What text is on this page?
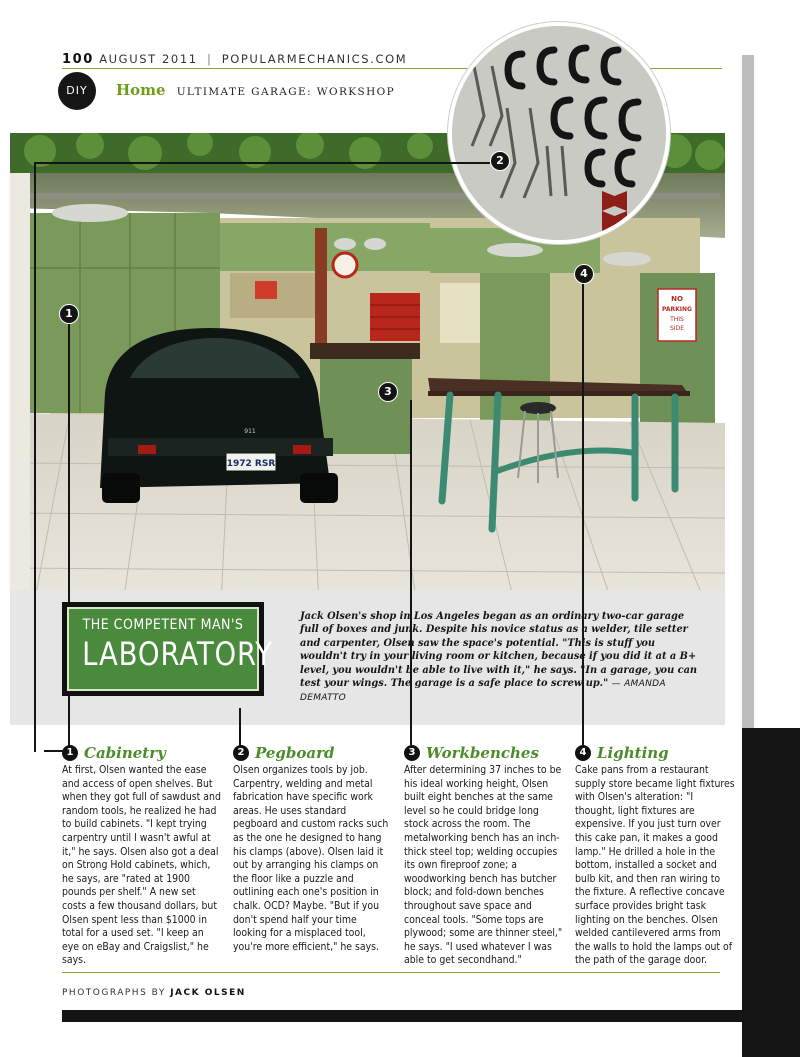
100 AUGUST 2011 | POPULARMECHANICS.COM
DIY	Home ULTIMATE GARAGE: WORKSHOP
NO
PARKING
THIS
SIDE
1972 RSR
911
1
2
3
4
THE COMPETENT MAN'S
LABORATORY
Jack Olsen's shop in Los Angeles began as an ordinary two-car garage full of boxes and junk. Despite his novice status as a welder, tile setter and carpenter, Olsen saw the space's potential. "This is stuff you wouldn't try in your living room or kitchen, because if you did it at a B+ level, you wouldn't be able to live with it," he says. "In a garage, you can test your wings. The garage is a safe place to screw up." — AMANDA DEMATTO
1 Cabinetry
At first, Olsen wanted the ease and access of open shelves. But when they got full of sawdust and random tools, he realized he had to build cabinets. "I kept trying carpentry until I wasn't awful at it," he says. Olsen also got a deal on Strong Hold cabinets, which, he says, are "rated at 1900 pounds per shelf." A new set costs a few thousand dollars, but Olsen spent less than $1000 in total for a used set. "I keep an eye on eBay and Craigslist," he says.
2 Pegboard
Olsen organizes tools by job. Carpentry, welding and metal fabrication have specific work areas. He uses standard pegboard and custom racks such as the one he designed to hang his clamps (above). Olsen laid it out by arranging his clamps on the floor like a puzzle and outlining each one's position in chalk. OCD? Maybe. "But if you don't spend half your time looking for a misplaced tool, you're more efficient," he says.
3 Workbenches
After determining 37 inches to be his ideal working height, Olsen built eight benches at the same level so he could bridge long stock across the room. The metalworking bench has an inch-thick steel top; welding occupies its own fireproof zone; a woodworking bench has butcher block; and fold-down benches throughout save space and conceal tools. "Some tops are plywood; some are thinner steel," he says. "I used whatever I was able to get secondhand."
4 Lighting
Cake pans from a restaurant supply store became light fixtures with Olsen's alteration: "I thought, light fixtures are expensive. If you just turn over this cake pan, it makes a good lamp." He drilled a hole in the bottom, installed a socket and bulb kit, and then ran wiring to the fixture. A reflective concave surface provides bright task lighting on the benches. Olsen welded cantilevered arms from the walls to hold the lamps out of the path of the garage door.
PHOTOGRAPHS BY JACK OLSEN
